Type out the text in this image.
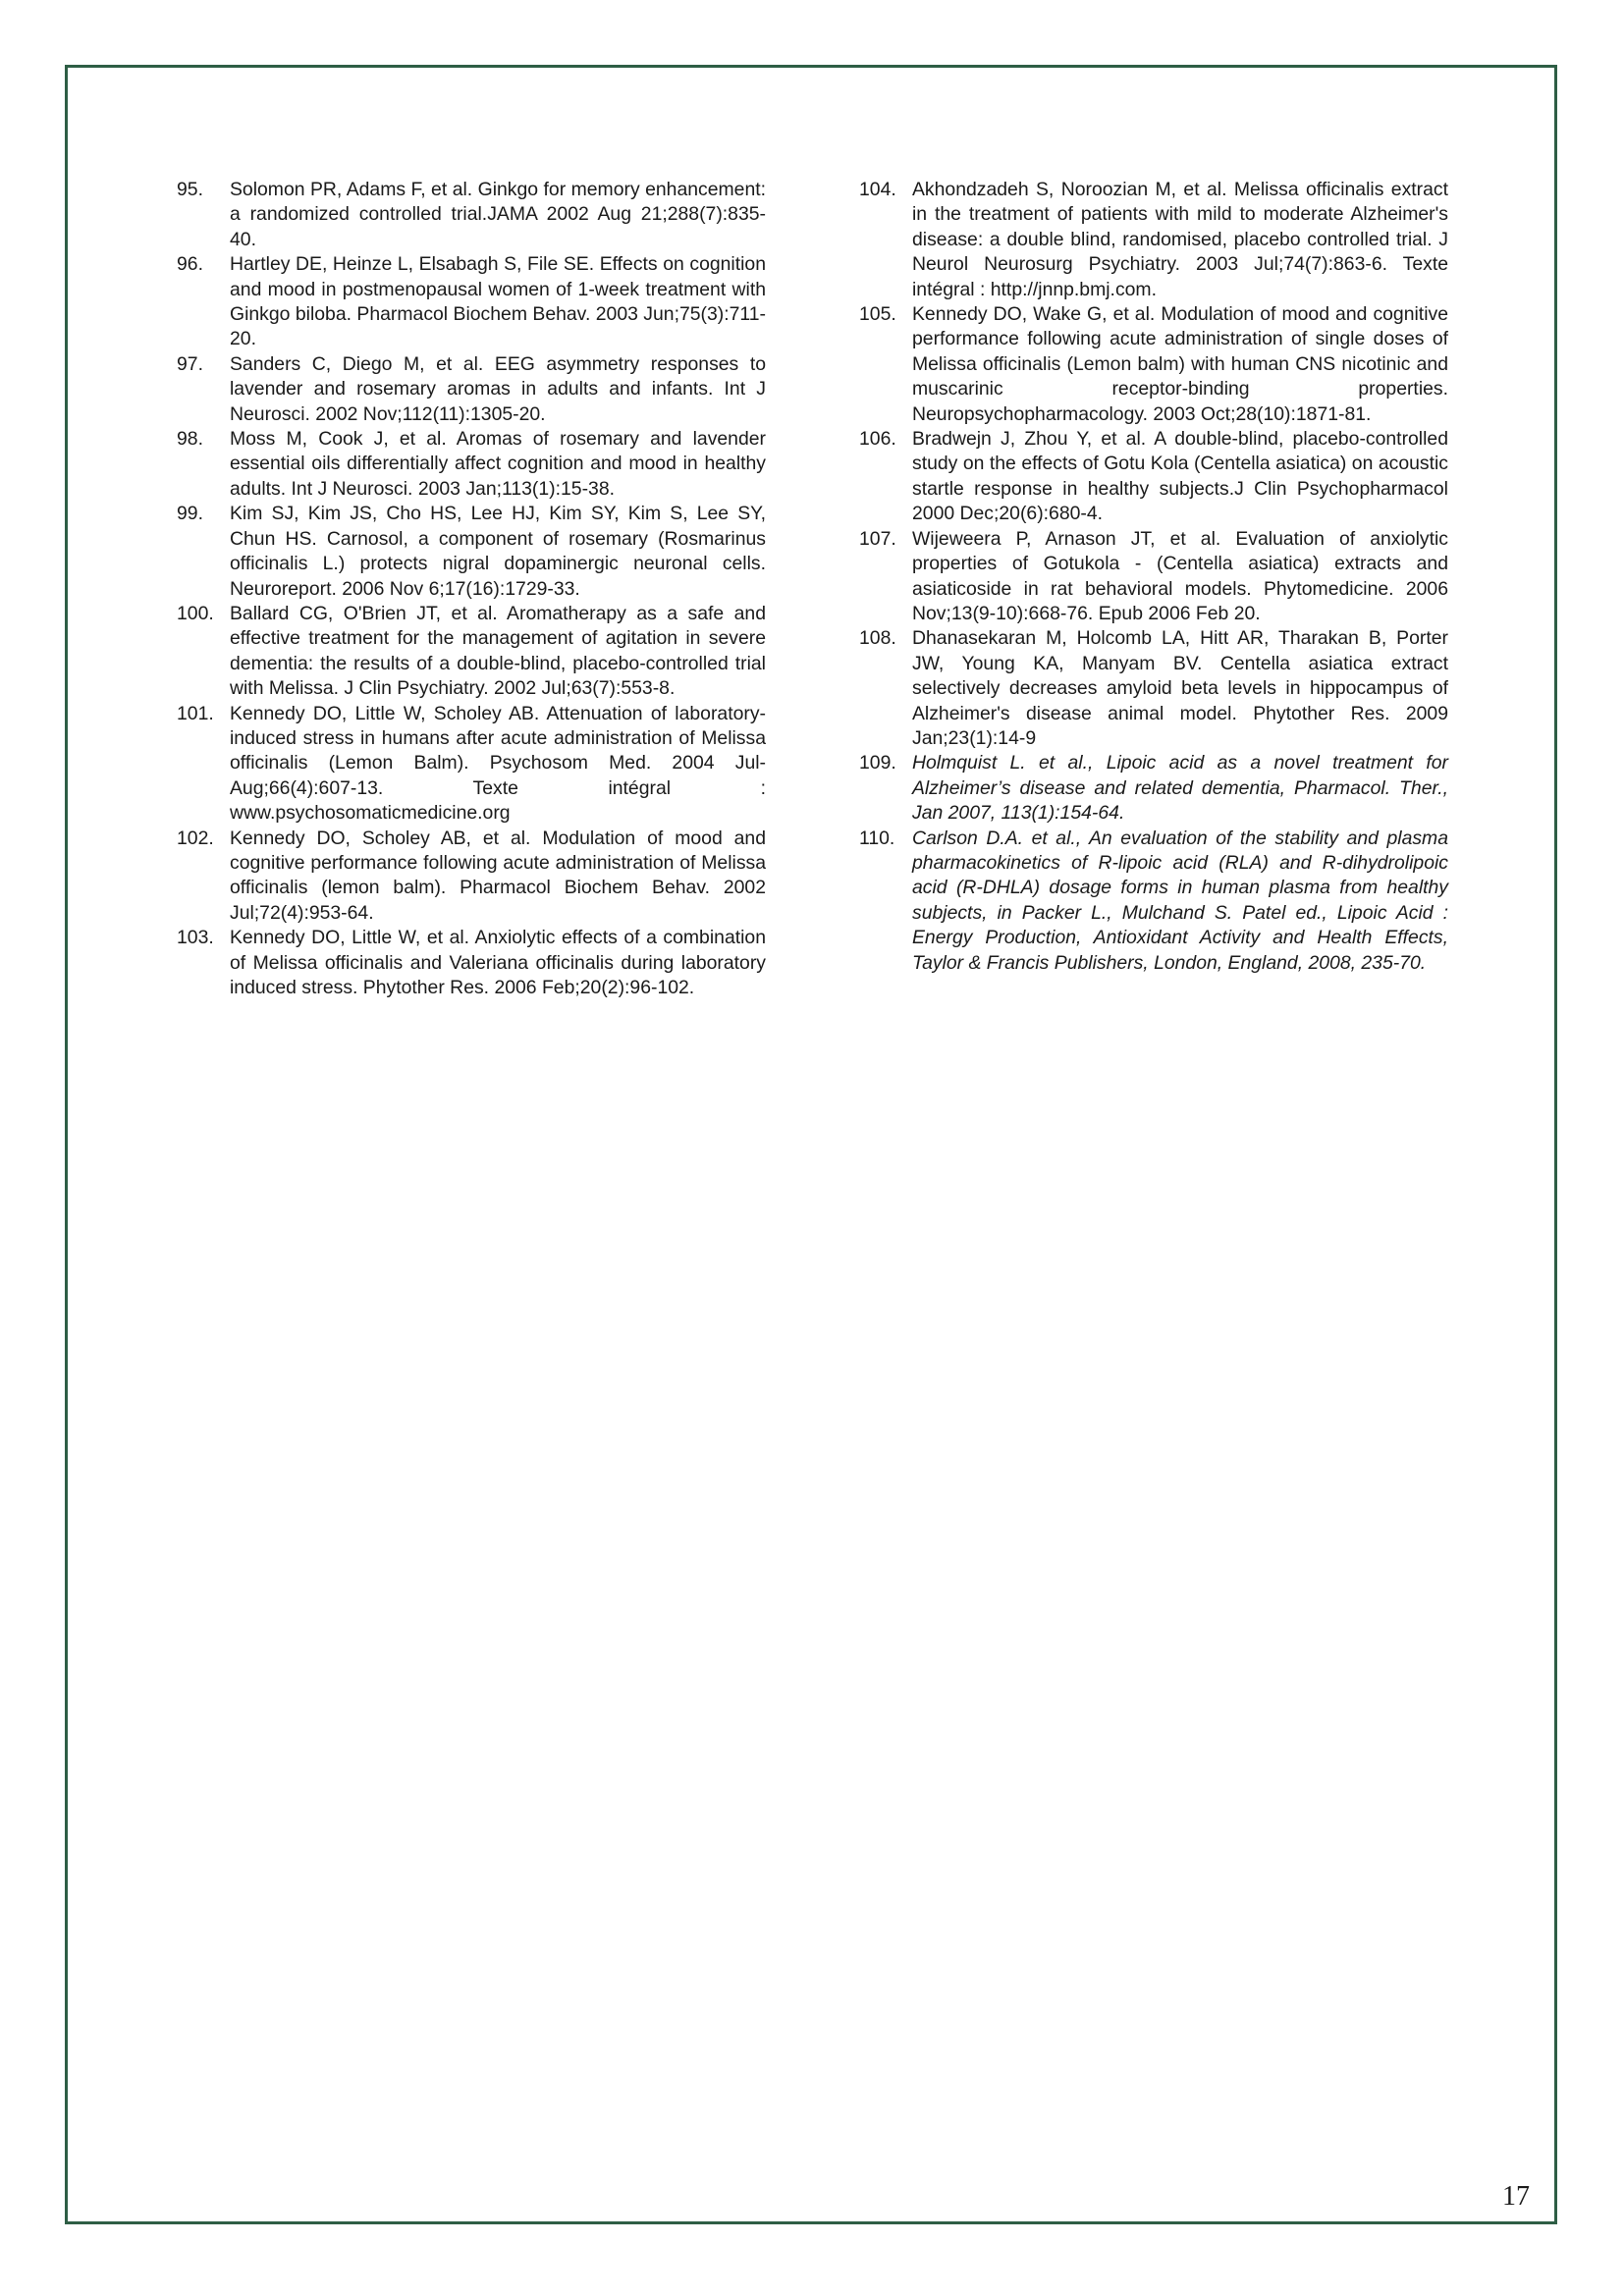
95.	Solomon PR, Adams F, et al. Ginkgo for memory enhancement: a randomized controlled trial.JAMA 2002 Aug 21;288(7):835-40.
96.	Hartley DE, Heinze L, Elsabagh S, File SE. Effects on cognition and mood in postmenopausal women of 1-week treatment with Ginkgo biloba. Pharmacol Biochem Behav. 2003 Jun;75(3):711-20.
97.	Sanders C, Diego M, et al. EEG asymmetry responses to lavender and rosemary aromas in adults and infants. Int J Neurosci. 2002 Nov;112(11):1305-20.
98.	Moss M, Cook J, et al. Aromas of rosemary and lavender essential oils differentially affect cognition and mood in healthy adults. Int J Neurosci. 2003 Jan;113(1):15-38.
99.	Kim SJ, Kim JS, Cho HS, Lee HJ, Kim SY, Kim S, Lee SY, Chun HS. Carnosol, a component of rosemary (Rosmarinus officinalis L.) protects nigral dopaminergic neuronal cells. Neuroreport. 2006 Nov 6;17(16):1729-33.
100. Ballard CG, O'Brien JT, et al. Aromatherapy as a safe and effective treatment for the management of agitation in severe dementia: the results of a double-blind, placebo-controlled trial with Melissa. J Clin Psychiatry. 2002 Jul;63(7):553-8.
101. Kennedy DO, Little W, Scholey AB. Attenuation of laboratory-induced stress in humans after acute administration of Melissa officinalis (Lemon Balm). Psychosom Med. 2004 Jul-Aug;66(4):607-13. Texte intégral : www.psychosomaticmedicine.org
102. Kennedy DO, Scholey AB, et al. Modulation of mood and cognitive performance following acute administration of Melissa officinalis (lemon balm). Pharmacol Biochem Behav. 2002 Jul;72(4):953-64.
103. Kennedy DO, Little W, et al. Anxiolytic effects of a combination of Melissa officinalis and Valeriana officinalis during laboratory induced stress. Phytother Res. 2006 Feb;20(2):96-102.
104. Akhondzadeh S, Noroozian M, et al. Melissa officinalis extract in the treatment of patients with mild to moderate Alzheimer's disease: a double blind, randomised, placebo controlled trial. J Neurol Neurosurg Psychiatry. 2003 Jul;74(7):863-6. Texte intégral : http://jnnp.bmj.com.
105. Kennedy DO, Wake G, et al. Modulation of mood and cognitive performance following acute administration of single doses of Melissa officinalis (Lemon balm) with human CNS nicotinic and muscarinic receptor-binding properties. Neuropsychopharmacology. 2003 Oct;28(10):1871-81.
106. Bradwejn J, Zhou Y, et al. A double-blind, placebo-controlled study on the effects of Gotu Kola (Centella asiatica) on acoustic startle response in healthy subjects.J Clin Psychopharmacol 2000 Dec;20(6):680-4.
107. Wijeweera P, Arnason JT, et al. Evaluation of anxiolytic properties of Gotukola - (Centella asiatica) extracts and asiaticoside in rat behavioral models. Phytomedicine. 2006 Nov;13(9-10):668-76. Epub 2006 Feb 20.
108. Dhanasekaran M, Holcomb LA, Hitt AR, Tharakan B, Porter JW, Young KA, Manyam BV. Centella asiatica extract selectively decreases amyloid beta levels in hippocampus of Alzheimer's disease animal model. Phytother Res. 2009 Jan;23(1):14-9
109. Holmquist L. et al., Lipoic acid as a novel treatment for Alzheimer’s disease and related dementia, Pharmacol. Ther., Jan 2007, 113(1):154-64.
110. Carlson D.A. et al., An evaluation of the stability and plasma pharmacokinetics of R-lipoic acid (RLA) and R-dihydrolipoic acid (R-DHLA) dosage forms in human plasma from healthy subjects, in Packer L., Mulchand S. Patel ed., Lipoic Acid : Energy Production, Antioxidant Activity and Health Effects, Taylor & Francis Publishers, London, England, 2008, 235-70.
17
